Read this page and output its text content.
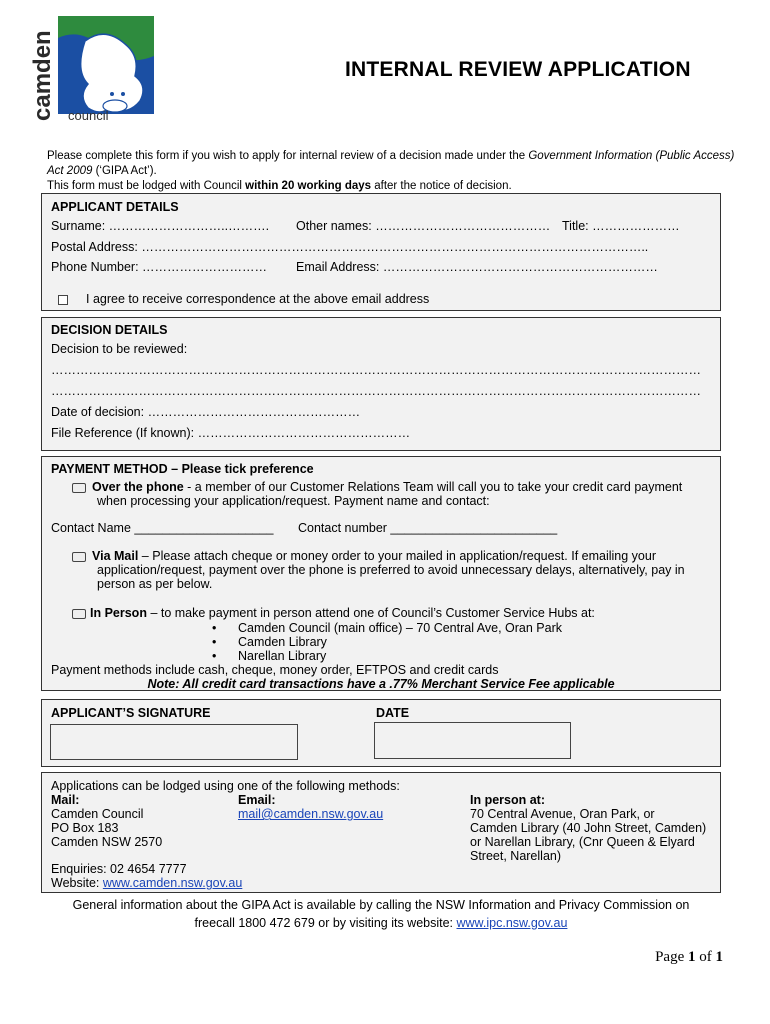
camden council
INTERNAL REVIEW APPLICATION
Please complete this form if you wish to apply for internal review of a decision made under the Government Information (Public Access) Act 2009 (‘GIPA Act’).
This form must be lodged with Council within 20 working days after the notice of decision.
APPLICANT DETAILS
Surname: ………………………..………. Other names: …………………………………… Title: …………………
Postal Address: …………………………………………………………………………………………………………..
Phone Number: ………………………… Email Address: …………………………………………………………
I agree to receive correspondence at the above email address
DECISION DETAILS
Decision to be reviewed:
…………………………………………………………………………………………………………………………………………
…………………………………………………………………………………………………………………………………………
Date of decision: ……………………………………………
File Reference (If known): ……………………………………………
PAYMENT METHOD – Please tick preference
Over the phone - a member of our Customer Relations Team will call you to take your credit card payment
when processing your application/request. Payment name and contact:
Contact Name ____________________ Contact number ________________________
Via Mail – Please attach cheque or money order to your mailed in application/request. If emailing your
application/request, payment over the phone is preferred to avoid unnecessary delays, alternatively, pay in
person as per below.
In Person – to make payment in person attend one of Council’s Customer Service Hubs at:
• Camden Council (main office) – 70 Central Ave, Oran Park
• Camden Library
• Narellan Library
Payment methods include cash, cheque, money order, EFTPOS and credit cards
Note: All credit card transactions have a .77% Merchant Service Fee applicable
APPLICANT’S SIGNATURE	DATE
Applications can be lodged using one of the following methods:
Mail:
Camden Council
PO Box 183
Camden NSW 2570
Email:
mail@camden.nsw.gov.au
In person at:
70 Central Avenue, Oran Park, or
Camden Library (40 John Street, Camden)
or Narellan Library, (Cnr Queen & Elyard
Street, Narellan)
Enquiries: 02 4654 7777
Website: www.camden.nsw.gov.au
General information about the GIPA Act is available by calling the NSW Information and Privacy Commission on
freecall 1800 472 679 or by visiting its website: www.ipc.nsw.gov.au
Page 1 of 1
